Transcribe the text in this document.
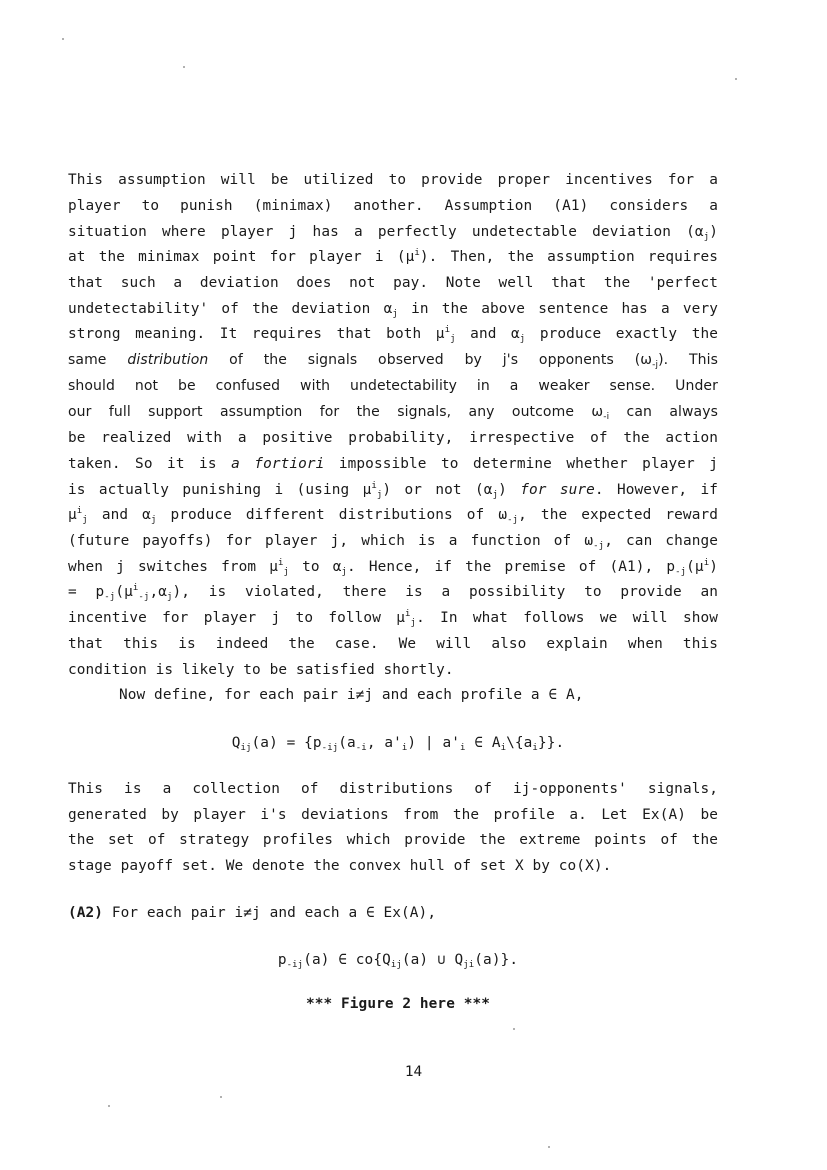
This assumption will be utilized to provide proper incentives for a
player to punish (minimax) another. Assumption (A1) considers a
situation where player j has a perfectly undetectable deviation $(\alpha_j)$
at the minimax point for player i $(\mu^i)$. Then, the assumption requires
that such a deviation does not pay. Note well that the 'perfect
undetectability' of the deviation $\alpha_j$ in the above sentence has a very
strong meaning. It requires that both $\mu^i_j$ and $\alpha_j$ produce exactly the
same distribution of the signals observed by j's opponents $(\omega_{-j})$. This
should not be confused with undetectability in a weaker sense. Under
our full support assumption for the signals, any outcome $\omega_{-i}$ can always
be realized with a positive probability, irrespective of the action
taken. So it is a fortiori impossible to determine whether player j
is actually punishing i (using $\mu^i_j$) or not $(\alpha_j)$ for sure. However, if
$\mu^i_j$ and $\alpha_j$ produce different distributions of $\omega_{-j}$, the expected reward
(future payoffs) for player j, which is a function of $\omega_{-j}$, can change
when j switches from $\mu^i_j$ to $\alpha_j$. Hence, if the premise of (A1), $p_{-j}(\mu^i)$
= $p_{-j}(\mu^i_{-j},\alpha_j)$, is violated, there is a possibility to provide an
incentive for player j to follow $\mu^i_j$. In what follows we will show
that this is indeed the case. We will also explain when this
condition is likely to be satisfied shortly.
Now define, for each pair i≠j and each profile a ∈ A,
$Q_{ij}(a) = \{p_{-ij}(a_{-i}$, $a'_i$) | $a'_i$ ∈ $A_i\backslash\{a_i\}$}.
This is a collection of distributions of ij-opponents' signals,
generated by player i's deviations from the profile a. Let Ex(A) be
the set of strategy profiles which provide the extreme points of the
stage payoff set. We denote the convex hull of set X by co(X).
(A2) For each pair i≠j and each a ∈ Ex(A),
$p_{-ij}(a)$ ∈ $co\{Q_{ij}(a)$ ∪ $Q_{ji}(a)$}.
*** Figure 2 here ***
14
